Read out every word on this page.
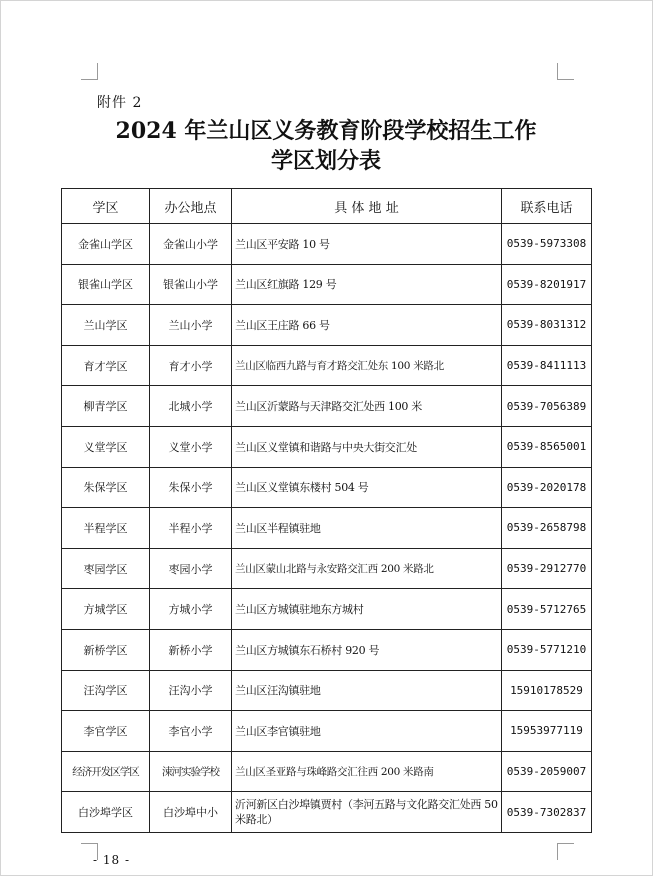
附件 2
2024 年兰山区义务教育阶段学校招生工作
学区划分表
学区	办公地点	具 体 地 址	联系电话
金雀山学区	金雀山小学	兰山区平安路 10 号	0539-5973308
银雀山学区	银雀山小学	兰山区红旗路 129 号	0539-8201917
兰山学区	兰山小学	兰山区王庄路 66 号	0539-8031312
育才学区	育才小学	兰山区临西九路与育才路交汇处东 100 米路北	0539-8411113
柳青学区	北城小学	兰山区沂蒙路与天津路交汇处西 100 米	0539-7056389
义堂学区	义堂小学	兰山区义堂镇和谐路与中央大街交汇处	0539-8565001
朱保学区	朱保小学	兰山区义堂镇东楼村 504 号	0539-2020178
半程学区	半程小学	兰山区半程镇驻地	0539-2658798
枣园学区	枣园小学	兰山区蒙山北路与永安路交汇西 200 米路北	0539-2912770
方城学区	方城小学	兰山区方城镇驻地东方城村	0539-5712765
新桥学区	新桥小学	兰山区方城镇东石桥村 920 号	0539-5771210
汪沟学区	汪沟小学	兰山区汪沟镇驻地	15910178529
李官学区	李官小学	兰山区李官镇驻地	15953977119
经济开发区学区	涑河实验学校	兰山区圣亚路与珠峰路交汇往西 200 米路南	0539-2059007
白沙埠学区	白沙埠中小	沂河新区白沙埠镇贾村（李河五路与文化路交汇处西 50 米路北）	0539-7302837
- 18 -
